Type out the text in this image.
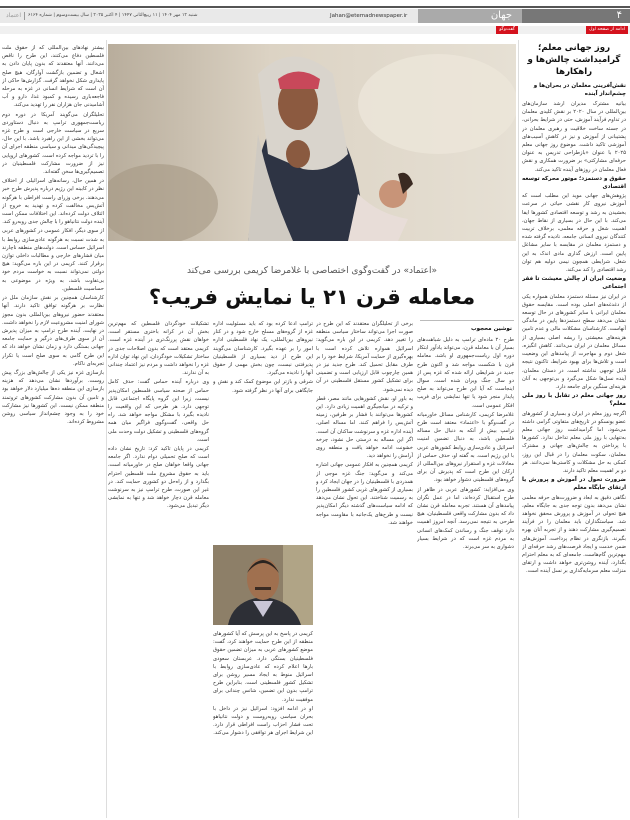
۴
جهان
Jahan@etemadnewspaper.ir
شنبه ۱۲ مهر ۱۴۰۴ | ۱۱ ربیع‌الثانی ۱۴۴۷ | ۴ اکتبر ۲۰۲۵ | سال بیست‌وسوم | شماره ۶۱۶۴
اعتماد
ادامه از صفحه اول
گفت‌وگو
روز جهانی معلم؛ گرامیداشت چالش‌ها و راهکارها
نقش‌آفرینی معلمان در بحران‌ها و چشم‌انداز آینده

بیانیه مشترک مدیران ارشد سازمان‌های بین‌المللی در سال ۲۰۲۰ بر نقش کلیدی معلمان در تداوم فرآیند آموزش، حتی در شرایط بحرانی، در جسته ساخت خلاقیت و رهبری معلمان در پشتیبانی از آموزش و نیز در کاهش آسیب‌های آموزشی تاکید داشت. موضوع روز جهانی معلم ۲۰۲۵ با عنوان «بازطراحی تدریس به عنوان حرفه‌ای مشارکتی» بر ضرورت همکاری و نقش فعال معلمان در روزهای آینده تاکید می‌کند.

حقوق و دستمزد؛ موتور محرکه توسعه اقتصادی

پژوهش‌های جهانی موید این مطلب است که آموزش نیروی کار نقشی حیاتی در سرعت بخشیدن به رشد و توسعه اقتصادی کشورها ایفا می‌کند. با این حال در بسیاری از نقاط جهان، اهمیت شغل و حرفه معلمی، برخلاف تربیت کنندگان نیروی انسانی جامعه، نادیده گرفته شده و دستمزد معلمان در مقایسه با سایر مشاغل پایین است. ارزش گذاری مادی اندک به این شغل، شرایطی همچون نیمی دولیه هم توان رشد اقتصادی را کند می‌کند.

وضعیت ایران از چالش معیشت تا فقر اجتماعی

در ایران نیز مسئله دستمزد معلمان همواره یکی از دغدغه‌های اصلی بوده است. مقایسه حقوق معلمان ایرانی با سایر کشورهای در حال توسعه نشان می‌دهد سطح دستمزدها پایین در ماندگی آنهاست. کارشناسان مشکلات مالی و عدم تامین هزینه‌های معیشتی را ریشه اصلی بسیاری از مسائل معلمان در ایران می‌دانند. کاهش انگیزه، شغل دوم و مهاجرت از پیامدهای این وضعیت است و تلاش‌ها برای بهبود شرایط، تاکنون نتیجه قابل توجهی نداشته است. در دستان معلمان، آینده نسل‌ها شکل می‌گیرد و بی‌توجهی به آنان هزینه‌ای سنگین برای جامعه دارد.

روز جهانی معلم در تقابل با روز ملی معلم؟

اگرچه روز معلم در ایران و بسیاری از کشورهای عضو یونسکو در تاریخ‌های متفاوتی گرامی داشته می‌شود، اما گرامیداشت روز جهانی معلم به‌تنهایی با روز ملی معلم تداخل ندارد. کشورها با پرداختن به چالش‌های جهانی و مشترک معلمان، سکوت معلمان را در قبال این روز، کمکی به حل مشکلات و کاستی‌ها نمی‌دانند. هر دو بر اهمیت معلم تاکید دارند.

ضرورت تحول در آموزش و پرورش یا ارتقای جایگاه معلم

نگاهی دقیق به ابعاد و ضرورت‌های حرفه معلمی نشان می‌دهد بدون توجه جدی به جایگاه معلم، هیچ تحولی در آموزش و پرورش محقق نخواهد شد. سیاستگذاران باید معلمان را در فرآیند تصمیم‌گیری مشارکت دهند و از تجربه آنان بهره بگیرند. بازنگری در نظام پرداخت، آموزش‌های ضمن خدمت و ایجاد فرصت‌های رشد حرفه‌ای از مهم‌ترین گام‌هاست. جامعه‌ای که به معلم احترام بگذارد، آینده روشن‌تری خواهد داشت و ارتقای منزلت معلم سرمایه‌گذاری بر نسل آینده است.

«اعتماد» در گفت‌وگوی اختصاصی با غلامرضا کریمی بررسی می‌کند
معامله قرن ۲۱ یا نمایش فریب؟
نوشین محجوب

طرح ۲۰ ماده‌ای ترامپ به دلیل شباهت‌های بسیار آن با معامله قرن، می‌تواند یادآور ابتکار دوره اول ریاست‌جمهوری او باشد. معامله قرن با شکست مواجه شد و اکنون طرح جدید در شرایطی ارائه شده که غزه پس از دو سال جنگ ویران شده است. سوال اینجاست که آیا این طرح می‌تواند به صلح پایدار منجر شود یا تنها نمایشی برای فریب افکار عمومی است.

غلامرضا کریمی، کارشناس مسائل خاورمیانه در گفت‌وگو با «اعتماد» معتقد است طرح ترامپ بیش از آنکه به دنبال حل مساله فلسطین باشد، به دنبال تضمین امنیت اسرائیل و عادی‌سازی روابط کشورهای عربی با این رژیم است. به گفته او، حذف حماس از معادلات غزه و استقرار نیروهای بین‌المللی از ارکان این طرح است که پذیرش آن برای گروه‌های فلسطینی دشوار خواهد بود.

وی می‌افزاید: کشورهای عربی در ظاهر از طرح استقبال کرده‌اند، اما در عمل نگران پیامدهای آن هستند. تجربه معامله قرن نشان داد که بدون مشارکت واقعی فلسطینیان، هیچ طرحی به نتیجه نمی‌رسد. آنچه امروز اهمیت دارد توقف جنگ و رساندن کمک‌های انسانی به مردم غزه است که در شرایط بسیار دشواری به سر می‌برند.

برخی از تحلیلگران معتقدند که این طرح در صورت اجرا می‌تواند ساختار سیاسی منطقه را تغییر دهد. کریمی در این باره می‌گوید: اسرائیل همواره تلاش کرده است با بهره‌گیری از حمایت آمریکا، شرایط خود را بر طرف مقابل تحمیل کند. طرح جدید نیز در همین چارچوب قابل ارزیابی است و تضمینی برای تشکیل کشور مستقل فلسطینی در آن دیده نمی‌شود.

به باور او، نقش کشورهایی مانند مصر، قطر و ترکیه در میانجیگری اهمیت زیادی دارد. این کشورها می‌توانند با فشار بر طرفین، زمینه آتش‌بس را فراهم کنند. اما مساله اصلی، آینده اداره غزه و سرنوشت ساکنان آن است. اگر این مساله به درستی حل نشود، چرخه خشونت ادامه خواهد یافت و منطقه روی آرامش را نخواهد دید.

کریمی همچنین به افکار عمومی جهانی اشاره می‌کند و می‌گوید: جنگ غزه موجی از همدردی با فلسطینیان را در جهان ایجاد کرد و بسیاری از کشورهای غربی کشور فلسطین را به رسمیت شناختند. این تحول نشان می‌دهد که ادامه سیاست‌های گذشته دیگر امکان‌پذیر نیست و طرح‌های یک‌جانبه با مقاومت مواجه خواهند شد.

ترامپ ادعا کرده بود که باید مسئولیت اداره غزه از گروه‌های مسلح خارج شود و در کنار نیروهای بین‌المللی، یک نهاد فلسطینی اداره امور را بر عهده بگیرد. کارشناسان می‌گویند این طرح از دید بسیاری از فلسطینیان پذیرفتنی نیست، چون بخش مهمی از حقوق آنها را نادیده می‌گیرد.

شرقی و بازتر این موضوع کمک کند و نقش و جایگاهی برای آنها در نظر گرفته شود.

کریمی در پاسخ به این پرسش که آیا کشورهای منطقه از این طرح حمایت خواهند کرد، گفت: موضع کشورهای عربی به میزان تضمین حقوق فلسطینیان بستگی دارد. عربستان سعودی بارها اعلام کرده که عادی‌سازی روابط با اسرائیل منوط به ایجاد مسیر روشن برای تشکیل کشور فلسطینی است. بنابراین طرح ترامپ بدون این تضمین، شانس چندانی برای موفقیت ندارد.

او در ادامه افزود: اسرائیل نیز در داخل با بحران سیاسی روبه‌روست و دولت نتانیاهو تحت فشار احزاب راست افراطی قرار دارد. این شرایط اجرای هر توافقی را دشوار می‌کند.

تشکیلات خودگردان فلسطین که مهم‌ترین بخش آن در کرانه باختری مستقر است، خواهان نقش پررنگ‌تری در آینده غزه است. کریمی معتقد است که بدون اصلاحات جدی در ساختار تشکیلات خودگردان، این نهاد توان اداره غزه را نخواهد داشت و مردم نیز اعتماد چندانی به آن ندارند.

وی درباره آینده حماس گفت: حذف کامل حماس از صحنه سیاسی فلسطین امکان‌پذیر نیست، زیرا این گروه پایگاه اجتماعی قابل توجهی دارد. هر طرحی که این واقعیت را نادیده بگیرد با مشکل مواجه خواهد شد. راه حل واقعی، گفت‌وگوی فراگیر میان همه گروه‌های فلسطینی و تشکیل دولت وحدت ملی است.

کریمی در پایان تاکید کرد: تاریخ نشان داده است که صلح تحمیلی دوام ندارد. اگر جامعه جهانی واقعا خواهان صلح در خاورمیانه است، باید به حقوق مشروع ملت فلسطین احترام بگذارد و از راه‌حل دو کشوری حمایت کند. در غیر این صورت، طرح ترامپ نیز به سرنوشت معامله قرن دچار خواهد شد و تنها به نمایشی دیگر تبدیل می‌شود.

بیشتر نهادهای بین‌المللی که از حقوق ملت فلسطین دفاع می‌کنند، این طرح را ناقص می‌دانند. آنها معتقدند که بدون پایان دادن به اشغال و تضمین بازگشت آوارگان، هیچ صلح پایداری شکل نخواهد گرفت. گزارش‌ها حاکی از آن است که شرایط انسانی در غزه به مرحله فاجعه‌باری رسیده و کمبود غذا، دارو و آب آشامیدنی جان هزاران نفر را تهدید می‌کند.

تحلیلگران می‌گویند آمریکا در دوره دوم ریاست‌جمهوری ترامپ به دنبال دستاوردی سریع در سیاست خارجی است و طرح غزه می‌تواند بخشی از این راهبرد باشد. با این حال، پیچیدگی‌های میدانی و سیاسی منطقه اجرای آن را با تردید مواجه کرده است. کشورهای اروپایی نیز از ضرورت مشارکت فلسطینیان در تصمیم‌گیری‌ها سخن گفته‌اند.

در همین حال، رسانه‌های اسرائیلی از اختلاف نظر در کابینه این رژیم درباره پذیرش طرح خبر می‌دهند. برخی وزرای راست افراطی با هرگونه آتش‌بس مخالفت کرده و تهدید به خروج از ائتلاف دولت کرده‌اند. این اختلافات ممکن است آینده دولت نتانیاهو را با چالش جدی روبه‌رو کند.

از سوی دیگر، افکار عمومی در کشورهای عربی به شدت نسبت به هرگونه عادی‌سازی روابط با اسرائیل حساس است. دولت‌های منطقه ناچارند میان فشارهای خارجی و مطالبات داخلی توازن برقرار کنند. کریمی در این باره می‌گوید: هیچ دولتی نمی‌تواند نسبت به خواست مردم خود بی‌تفاوت باشد، به ویژه در موضوعی به حساسیت فلسطین.

کارشناسان همچنین بر نقش سازمان ملل در نظارت بر هرگونه توافق تاکید دارند. آنها معتقدند حضور نیروهای بین‌المللی بدون مجوز شورای امنیت مشروعیت لازم را نخواهد داشت. در نهایت، آینده طرح ترامپ به میزان پذیرش آن از سوی طرف‌های درگیر و حمایت جامعه جهانی بستگی دارد و زمان نشان خواهد داد که این طرح گامی به سوی صلح است یا تکرار تجربه‌ای ناکام.

بازسازی غزه نیز یکی از چالش‌های بزرگ پیش روست. برآوردها نشان می‌دهد که هزینه بازسازی این منطقه ده‌ها میلیارد دلار خواهد بود و تامین آن بدون مشارکت کشورهای ثروتمند منطقه ممکن نیست. این کشورها نیز مشارکت خود را به وجود چشم‌انداز سیاسی روشن مشروط کرده‌اند.
